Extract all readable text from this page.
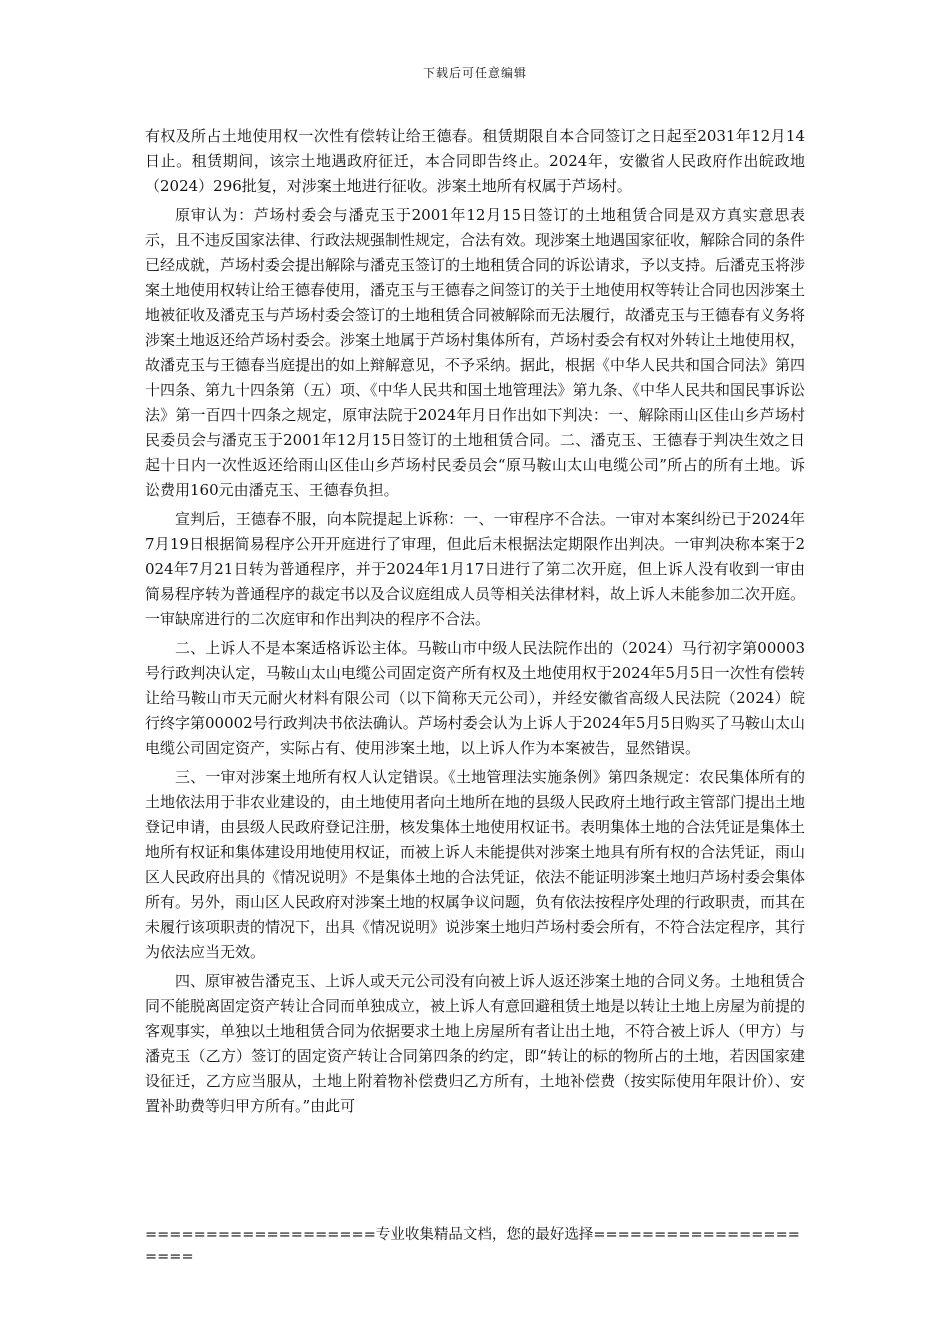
下载后可任意编辑

有权及所占土地使用权一次性有偿转让给王德春。租赁期限自本合同签订之日起至2031年12月14日止。租赁期间，该宗土地遇政府征迁，本合同即告终止。2024年，安徽省人民政府作出皖政地（2024）296批复，对涉案土地进行征收。涉案土地所有权属于芦场村。

原审认为：芦场村委会与潘克玉于2001年12月15日签订的土地租赁合同是双方真实意思表示，且不违反国家法律、行政法规强制性规定，合法有效。现涉案土地遇国家征收，解除合同的条件已经成就，芦场村委会提出解除与潘克玉签订的土地租赁合同的诉讼请求，予以支持。后潘克玉将涉案土地使用权转让给王德春使用，潘克玉与王德春之间签订的关于土地使用权等转让合同也因涉案土地被征收及潘克玉与芦场村委会签订的土地租赁合同被解除而无法履行，故潘克玉与王德春有义务将涉案土地返还给芦场村委会。涉案土地属于芦场村集体所有，芦场村委会有权对外转让土地使用权，故潘克玉与王德春当庭提出的如上辩解意见，不予采纳。据此，根据《中华人民共和国合同法》第四十四条、第九十四条第（五）项、《中华人民共和国土地管理法》第九条、《中华人民共和国民事诉讼法》第一百四十四条之规定，原审法院于2024年月日作出如下判决：一、解除雨山区佳山乡芦场村民委员会与潘克玉于2001年12月15日签订的土地租赁合同。二、潘克玉、王德春于判决生效之日起十日内一次性返还给雨山区佳山乡芦场村民委员会“原马鞍山太山电缆公司”所占的所有土地。诉讼费用160元由潘克玉、王德春负担。

宣判后，王德春不服，向本院提起上诉称：一、一审程序不合法。一审对本案纠纷已于2024年7月19日根据简易程序公开开庭进行了审理，但此后未根据法定期限作出判决。一审判决称本案于2024年7月21日转为普通程序，并于2024年1月17日进行了第二次开庭，但上诉人没有收到一审由简易程序转为普通程序的裁定书以及合议庭组成人员等相关法律材料，故上诉人未能参加二次开庭。一审缺席进行的二次庭审和作出判决的程序不合法。

二、上诉人不是本案适格诉讼主体。马鞍山市中级人民法院作出的（2024）马行初字第00003号行政判决认定，马鞍山太山电缆公司固定资产所有权及土地使用权于2024年5月5日一次性有偿转让给马鞍山市天元耐火材料有限公司（以下简称天元公司），并经安徽省高级人民法院（2024）皖行终字第00002号行政判决书依法确认。芦场村委会认为上诉人于2024年5月5日购买了马鞍山太山电缆公司固定资产，实际占有、使用涉案土地，以上诉人作为本案被告，显然错误。

三、一审对涉案土地所有权人认定错误。《土地管理法实施条例》第四条规定：农民集体所有的土地依法用于非农业建设的，由土地使用者向土地所在地的县级人民政府土地行政主管部门提出土地登记申请，由县级人民政府登记注册，核发集体土地使用权证书。表明集体土地的合法凭证是集体土地所有权证和集体建设用地使用权证，而被上诉人未能提供对涉案土地具有所有权的合法凭证，雨山区人民政府出具的《情况说明》不是集体土地的合法凭证，依法不能证明涉案土地归芦场村委会集体所有。另外，雨山区人民政府对涉案土地的权属争议问题，负有依法按程序处理的行政职责，而其在未履行该项职责的情况下，出具《情况说明》说涉案土地归芦场村委会所有，不符合法定程序，其行为依法应当无效。

四、原审被告潘克玉、上诉人或天元公司没有向被上诉人返还涉案土地的合同义务。土地租赁合同不能脱离固定资产转让合同而单独成立，被上诉人有意回避租赁土地是以转让土地上房屋为前提的客观事实，单独以土地租赁合同为依据要求土地上房屋所有者让出土地，不符合被上诉人（甲方）与潘克玉（乙方）签订的固定资产转让合同第四条的约定，即“转让的标的物所占的土地，若因国家建设征迁，乙方应当服从，土地上附着物补偿费归乙方所有，土地补偿费（按实际使用年限计价）、安置补助费等归甲方所有。”由此可

===================专业收集精品文档，您的最好选择=====================
